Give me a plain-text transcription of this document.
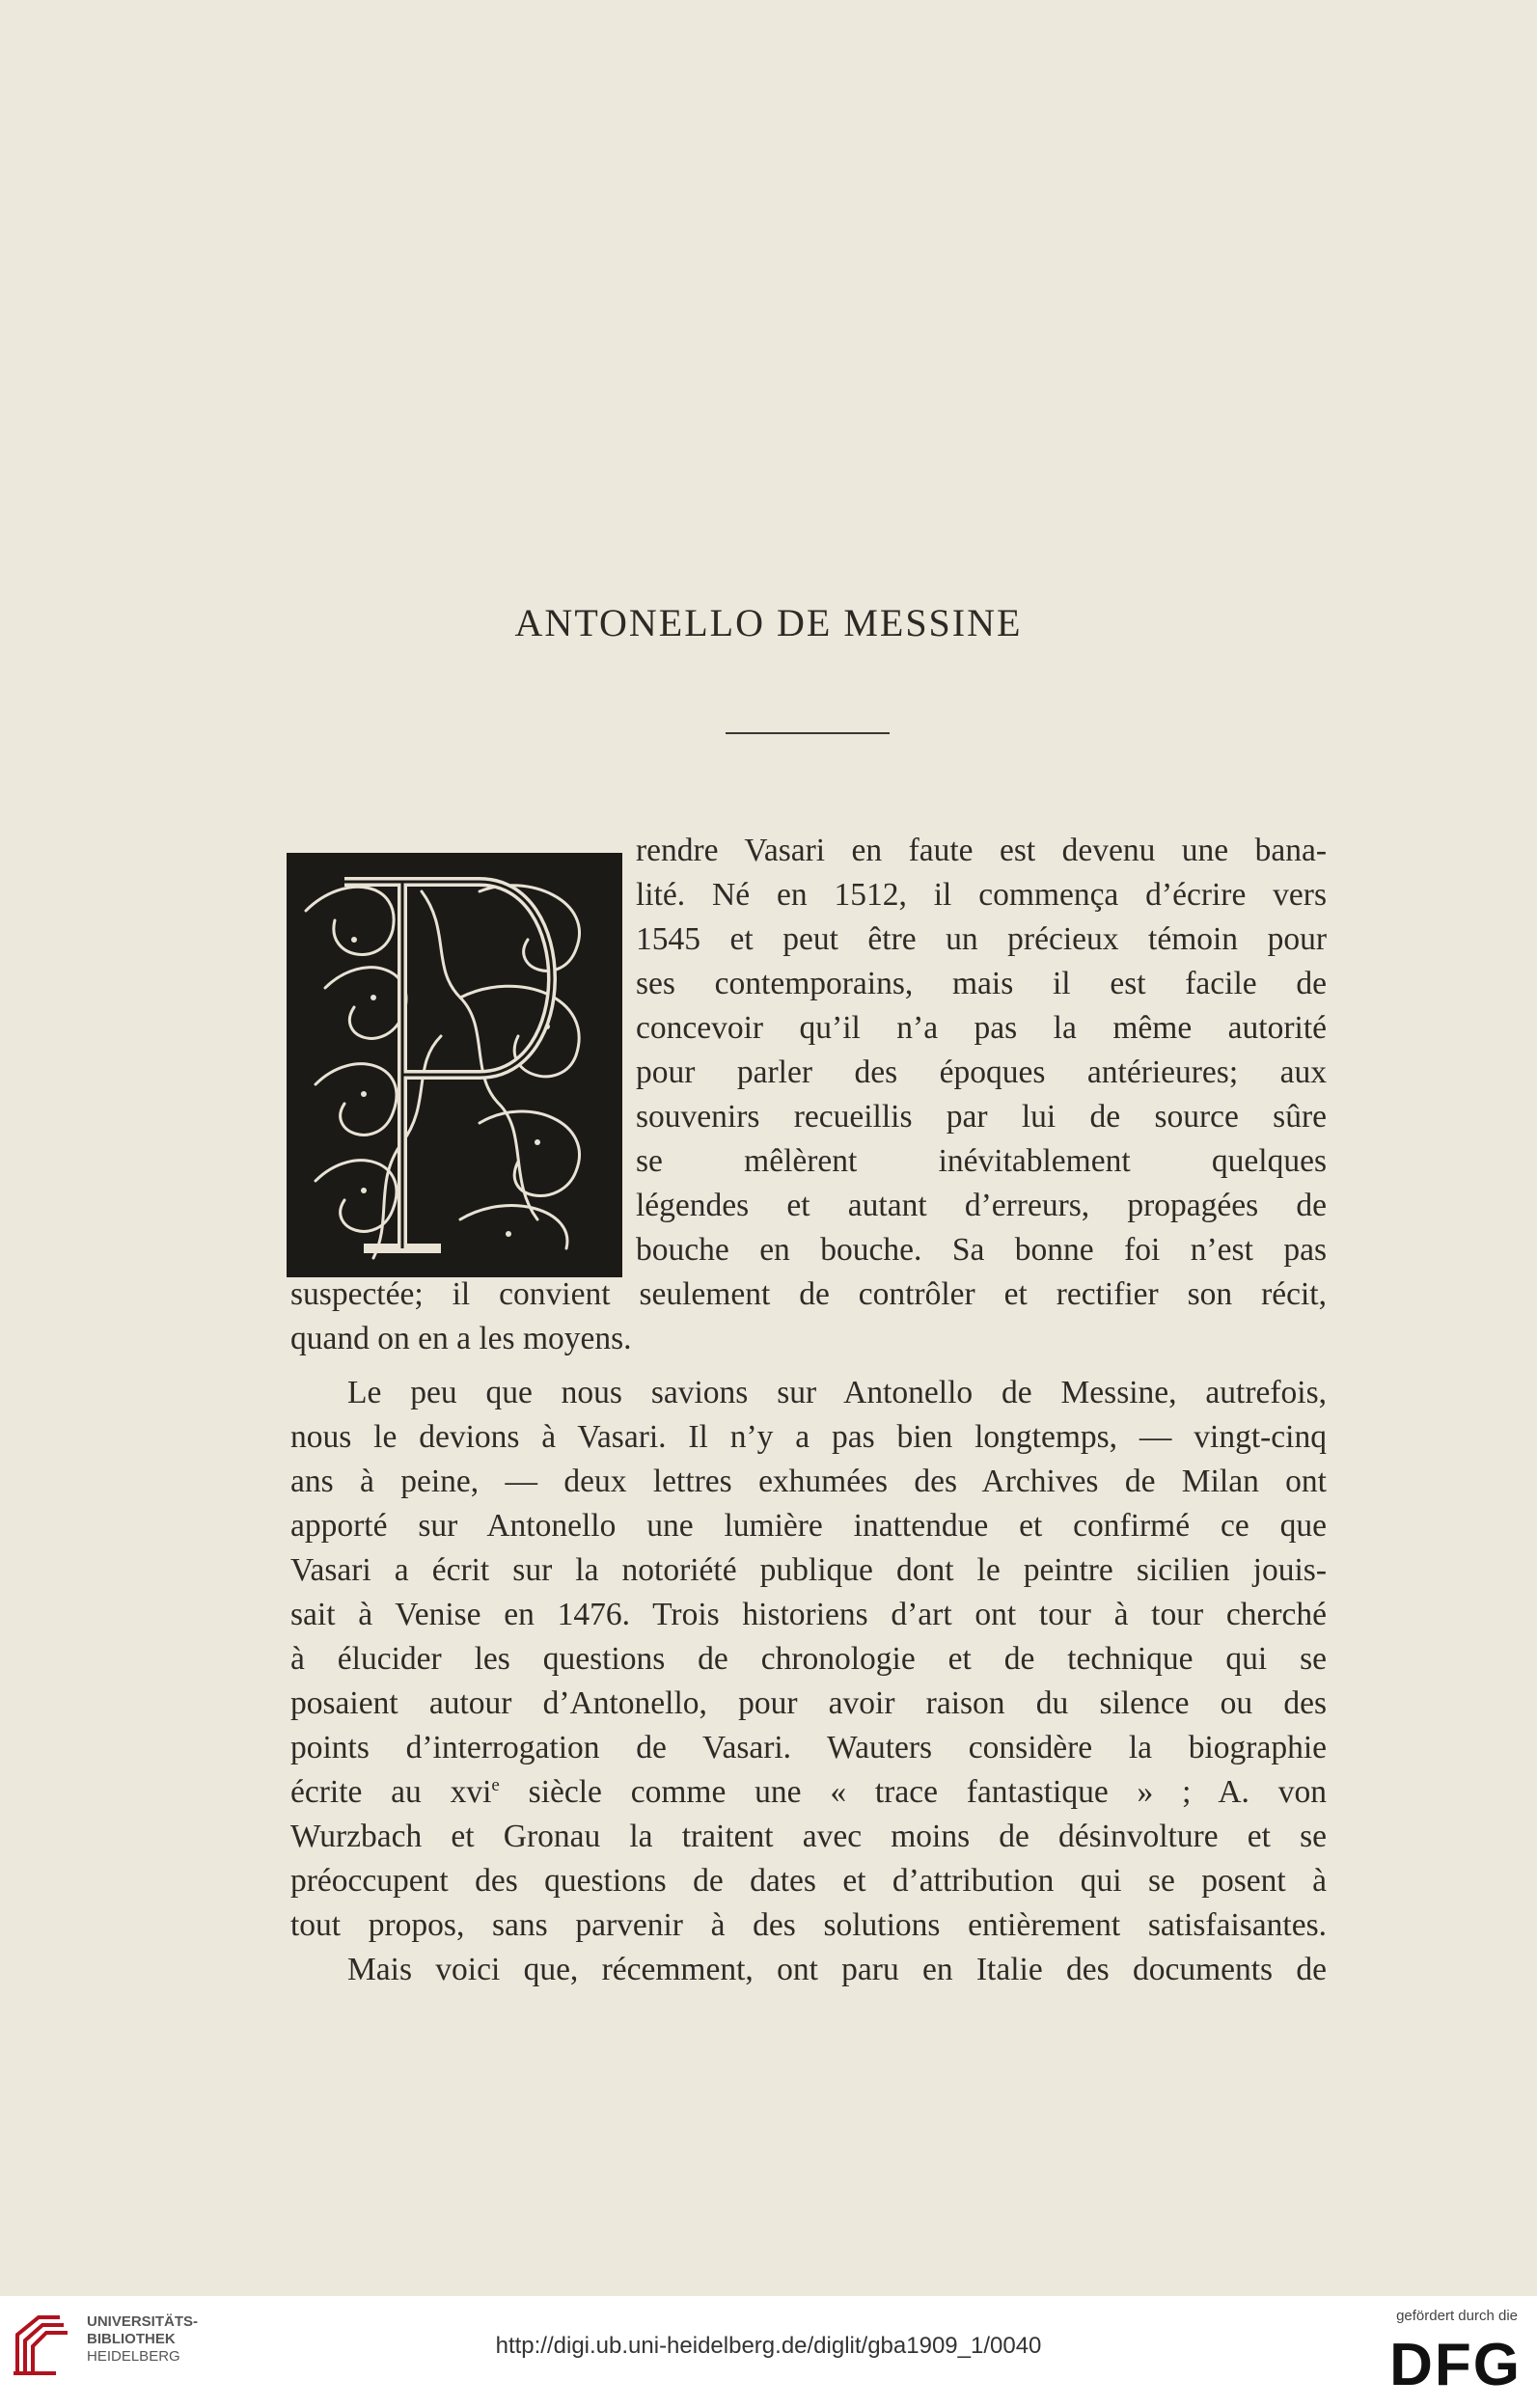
ANTONELLO DE MESSINE
rendre Vasari en faute est devenu une bana-
lité. Né en 1512, il commença d’écrire vers
1545 et peut être un précieux témoin pour
ses contemporains, mais il est facile de
concevoir qu’il n’a pas la même autorité
pour parler des époques antérieures; aux
souvenirs recueillis par lui de source sûre
se mêlèrent inévitablement quelques
légendes et autant d’erreurs, propagées de
bouche en bouche. Sa bonne foi n’est pas
suspectée; il convient seulement de contrôler et rectifier son récit,
quand on en a les moyens.
Le peu que nous savions sur Antonello de Messine, autrefois,
nous le devions à Vasari. Il n’y a pas bien longtemps, — vingt-cinq
ans à peine, — deux lettres exhumées des Archives de Milan ont
apporté sur Antonello une lumière inattendue et confirmé ce que
Vasari a écrit sur la notoriété publique dont le peintre sicilien jouis-
sait à Venise en 1476. Trois historiens d’art ont tour à tour cherché
à élucider les questions de chronologie et de technique qui se
posaient autour d’Antonello, pour avoir raison du silence ou des
points d’interrogation de Vasari. Wauters considère la biographie
écrite au xvi$^e$ siècle comme une « trace fantastique » ; A. von
Wurzbach et Gronau la traitent avec moins de désinvolture et se
préoccupent des questions de dates et d’attribution qui se posent à
tout propos, sans parvenir à des solutions entièrement satisfaisantes.
Mais voici que, récemment, ont paru en Italie des documents de
UNIVERSITÄTS-
BIBLIOTHEK
HEIDELBERG	http://digi.ub.uni-heidelberg.de/diglit/gba1909_1/0040
gefördert durch die
DFG
